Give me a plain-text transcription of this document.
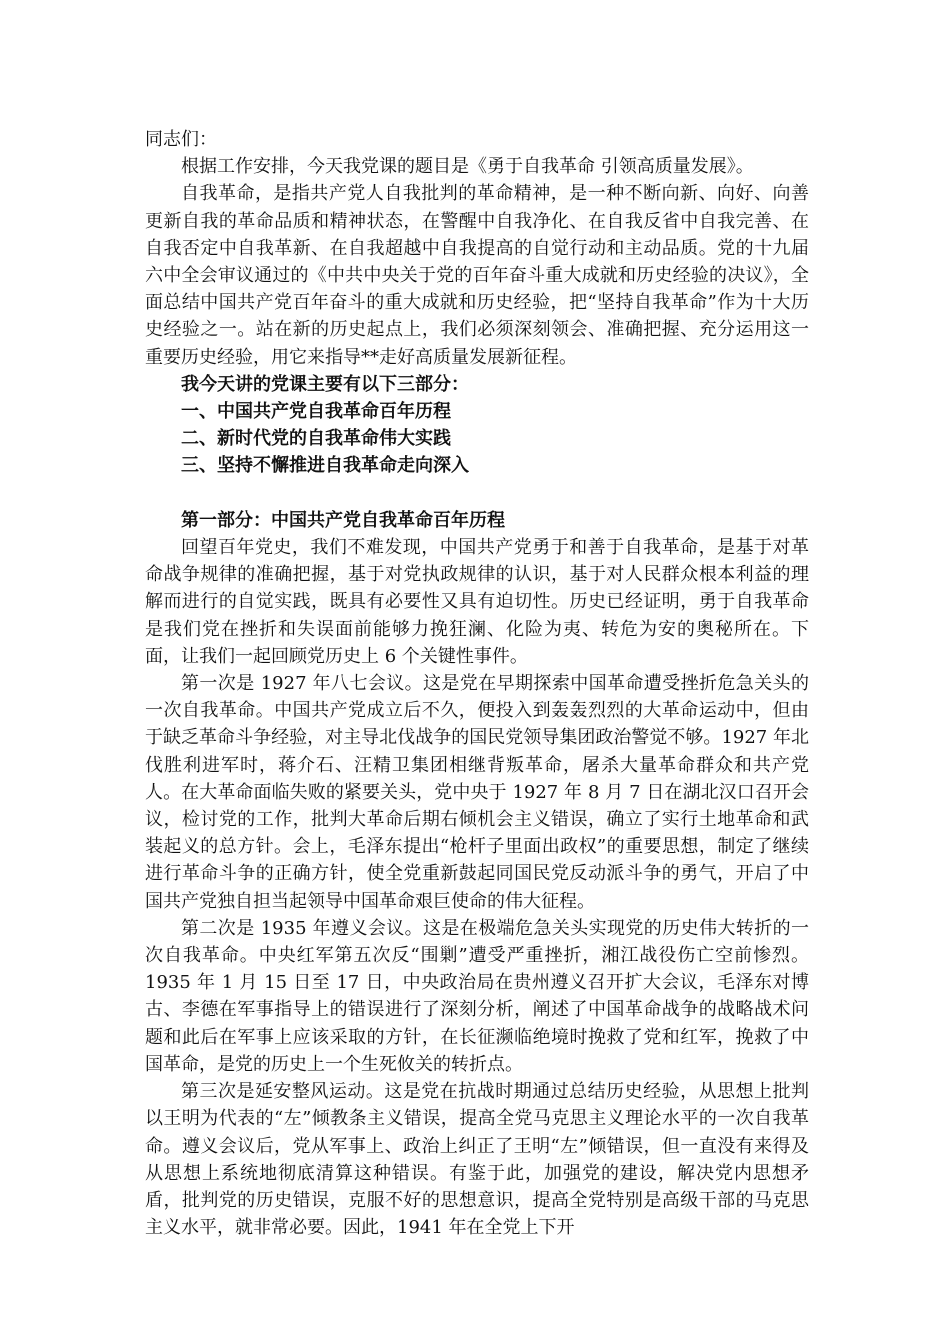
同志们：

根据工作安排，今天我党课的题目是《勇于自我革命 引领高质量发展》。

自我革命，是指共产党人自我批判的革命精神，是一种不断向新、向好、向善更新自我的革命品质和精神状态，在警醒中自我净化、在自我反省中自我完善、在自我否定中自我革新、在自我超越中自我提高的自觉行动和主动品质。党的十九届六中全会审议通过的《中共中央关于党的百年奋斗重大成就和历史经验的决议》，全面总结中国共产党百年奋斗的重大成就和历史经验，把“坚持自我革命”作为十大历史经验之一。站在新的历史起点上，我们必须深刻领会、准确把握、充分运用这一重要历史经验，用它来指导**走好高质量发展新征程。

我今天讲的党课主要有以下三部分：

一、中国共产党自我革命百年历程

二、新时代党的自我革命伟大实践

三、坚持不懈推进自我革命走向深入

第一部分：中国共产党自我革命百年历程

回望百年党史，我们不难发现，中国共产党勇于和善于自我革命，是基于对革命战争规律的准确把握，基于对党执政规律的认识，基于对人民群众根本利益的理解而进行的自觉实践，既具有必要性又具有迫切性。历史已经证明，勇于自我革命是我们党在挫折和失误面前能够力挽狂澜、化险为夷、转危为安的奥秘所在。下面，让我们一起回顾党历史上 6 个关键性事件。

第一次是 1927 年八七会议。这是党在早期探索中国革命遭受挫折危急关头的一次自我革命。中国共产党成立后不久，便投入到轰轰烈烈的大革命运动中，但由于缺乏革命斗争经验，对主导北伐战争的国民党领导集团政治警觉不够。1927 年北伐胜利进军时，蒋介石、汪精卫集团相继背叛革命，屠杀大量革命群众和共产党人。在大革命面临失败的紧要关头，党中央于 1927 年 8 月 7 日在湖北汉口召开会议，检讨党的工作，批判大革命后期右倾机会主义错误，确立了实行土地革命和武装起义的总方针。会上，毛泽东提出“枪杆子里面出政权”的重要思想，制定了继续进行革命斗争的正确方针，使全党重新鼓起同国民党反动派斗争的勇气，开启了中国共产党独自担当起领导中国革命艰巨使命的伟大征程。

第二次是 1935 年遵义会议。这是在极端危急关头实现党的历史伟大转折的一次自我革命。中央红军第五次反“围剿”遭受严重挫折，湘江战役伤亡空前惨烈。1935 年 1 月 15 日至 17 日，中央政治局在贵州遵义召开扩大会议，毛泽东对博古、李德在军事指导上的错误进行了深刻分析，阐述了中国革命战争的战略战术问题和此后在军事上应该采取的方针，在长征濒临绝境时挽救了党和红军，挽救了中国革命，是党的历史上一个生死攸关的转折点。

第三次是延安整风运动。这是党在抗战时期通过总结历史经验，从思想上批判以王明为代表的“左”倾教条主义错误，提高全党马克思主义理论水平的一次自我革命。遵义会议后，党从军事上、政治上纠正了王明“左”倾错误，但一直没有来得及从思想上系统地彻底清算这种错误。有鉴于此，加强党的建设，解决党内思想矛盾，批判党的历史错误，克服不好的思想意识，提高全党特别是高级干部的马克思主义水平，就非常必要。因此，1941 年在全党上下开
